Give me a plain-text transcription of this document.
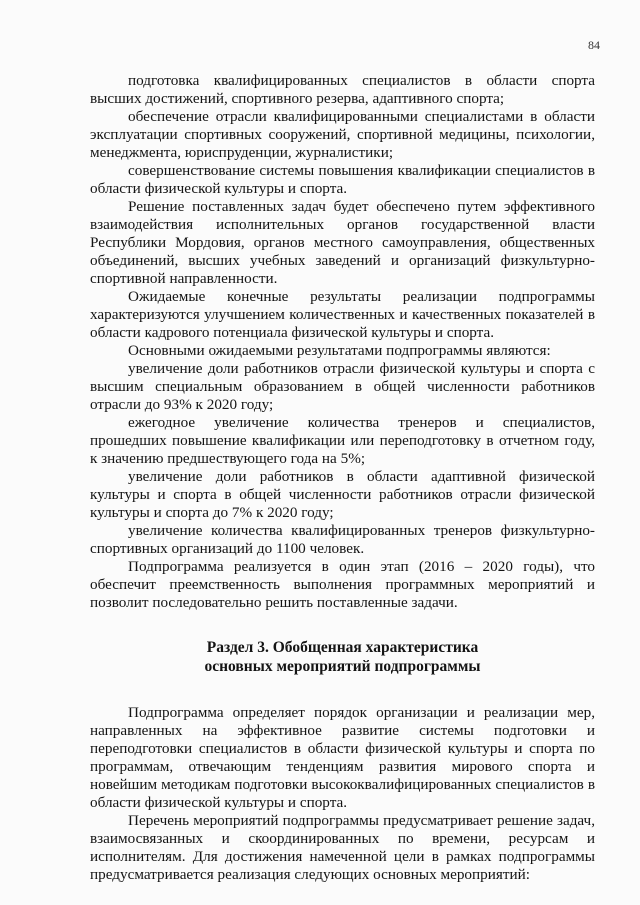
84

подготовка квалифицированных специалистов в области спорта высших достижений, спортивного резерва, адаптивного спорта;

обеспечение отрасли квалифицированными специалистами в области эксплуатации спортивных сооружений, спортивной медицины, психологии, менеджмента, юриспруденции, журналистики;

совершенствование системы повышения квалификации специалистов в области физической культуры и спорта.

Решение поставленных задач будет обеспечено путем эффективного взаимодействия исполнительных органов государственной власти Республики Мордовия, органов местного самоуправления, общественных объединений, высших учебных заведений и организаций физкультурно-спортивной направленности.

Ожидаемые конечные результаты реализации подпрограммы характеризуются улучшением количественных и качественных показателей в области кадрового потенциала физической культуры и спорта.

Основными ожидаемыми результатами подпрограммы являются:

увеличение доли работников отрасли физической культуры и спорта с высшим специальным образованием в общей численности работников отрасли до 93% к 2020 году;

ежегодное увеличение количества тренеров и специалистов, прошедших повышение квалификации или переподготовку в отчетном году, к значению предшествующего года на 5%;

увеличение доли работников в области адаптивной физической культуры и спорта в общей численности работников отрасли физической культуры и спорта до 7% к 2020 году;

увеличение количества квалифицированных тренеров физкультурно-спортивных организаций до 1100 человек.

Подпрограмма реализуется в один этап (2016 – 2020 годы), что обеспечит преемственность выполнения программных мероприятий и позволит последовательно решить поставленные задачи.

Раздел 3. Обобщенная характеристика
основных мероприятий подпрограммы

Подпрограмма определяет порядок организации и реализации мер, направленных на эффективное развитие системы подготовки и переподготовки специалистов в области физической культуры и спорта по программам, отвечающим тенденциям развития мирового спорта и новейшим методикам подготовки высококвалифицированных специалистов в области физической культуры и спорта.

Перечень мероприятий подпрограммы предусматривает решение задач, взаимосвязанных и скоординированных по времени, ресурсам и исполнителям. Для достижения намеченной цели в рамках подпрограммы предусматривается реализация следующих основных мероприятий:
